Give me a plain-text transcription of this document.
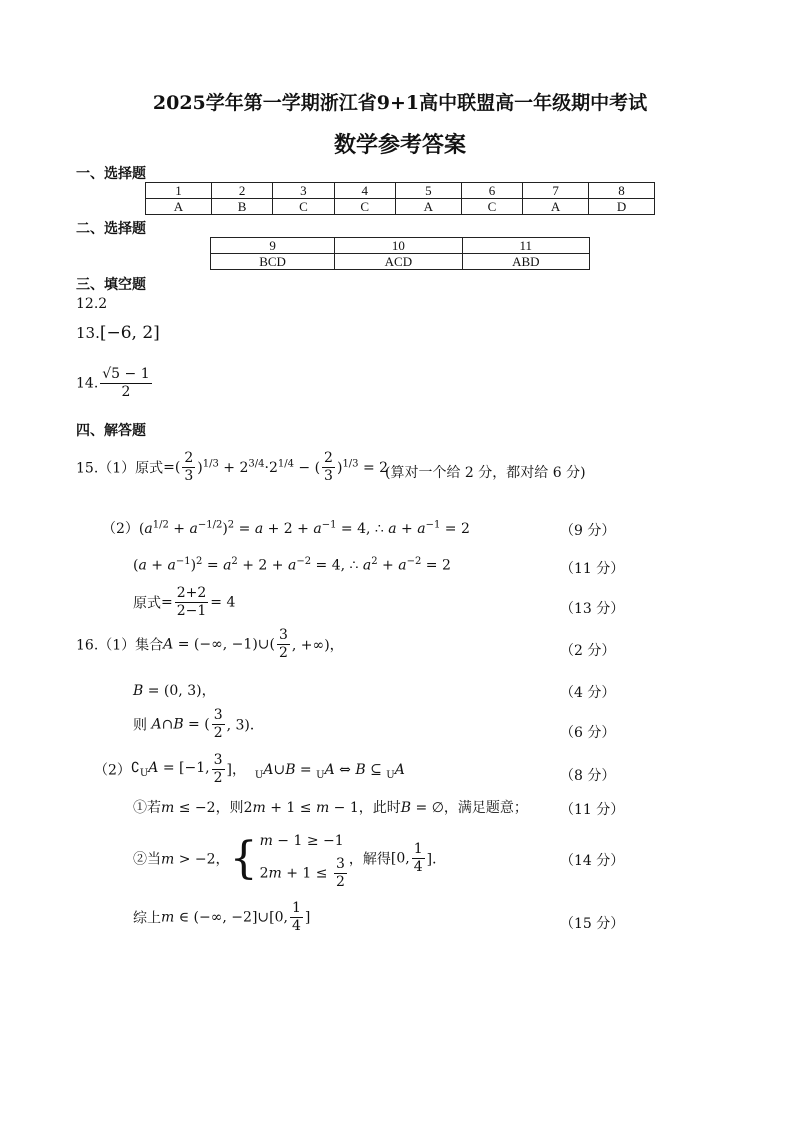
2025学年第一学期浙江省9+1高中联盟高一年级期中考试
数学参考答案
一、选择题
1	2	3	4	5	6	7	8
A	B	C	C	A	C	A	D
二、选择题
9	10	11
BCD	ACD	ABD
三、填空题
12.2
13.[−6, 2]
14. $\frac{√5 - 1}{2}$
四、解答题
15.（1）原式=( $\frac{2}{3} )^{1/3} + 2^{3/4}\cdot 2^{1/4}$ − ( $\frac{2}{3} )^{1/3} = 2$
(算对一个给 2 分，都对给 6 分)
$(2)(a^{1/2} + a^{-1/2})^2 = a + 2 + a^{-1} = 4$, ∴ $a + a^{-1} = 2$	（9 分）
$(a + a^{-1})^2 = a^2 + 2 + a^{-2} = 4$, ∴ $a^2 + a^{-2} = 2$	（11 分）
原式= $\frac{2+2}{2-1} = 4$	（13 分）
16.（1）集合A = (−∞, −1)∪( $\frac{3}{2}$ , +∞)，	（2 分）
B = (0, 3)，	（4 分）
则 A∩B = ( $\frac{3}{2}$ , 3)．	（6 分）
$(2)∁_UA = [-1$, $\frac{3}{2}$ ]，  $_U$A∪B = $_U$A ⇔ B ⊆ $_U$A	（8 分）
①若m ≤ −2，则2m + 1 ≤ m − 1，此时B = ∅，满足题意； （11 分）
②当m > −2，{ m − 1 ≥ −1
$2m + 1 \le \frac{3}{2}$ ，解得[0, $\frac{1}{4}$ ]．	（14 分）
综上m ∈ (−∞, −2]∪[0, $\frac{1}{4}$ ]	（15 分）
